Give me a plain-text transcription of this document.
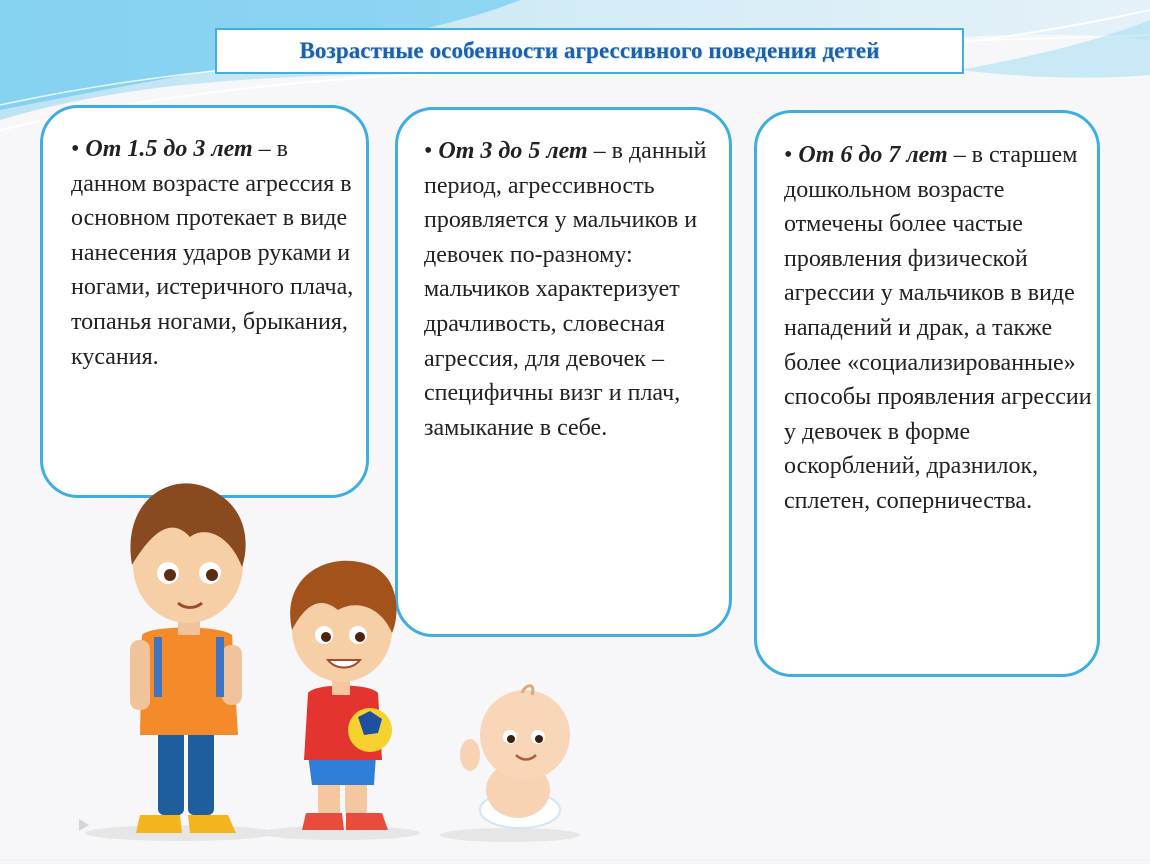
Возрастные особенности агрессивного поведения детей
• От 1.5 до 3 лет – в данном возрасте агрессия в основном протекает в виде нанесения ударов руками и ногами, истеричного плача, топанья ногами, брыкания, кусания.
• От 3 до 5 лет – в данный период, агрессивность проявляется у мальчиков и девочек по-разному: мальчиков характеризует драчливость, словесная агрессия, для девочек – специфичны визг и плач, замыкание в себе.
• От 6 до 7 лет – в старшем дошкольном возрасте отмечены более частые проявления физической агрессии у мальчиков в виде нападений и драк, а также более «социализированные» способы проявления агрессии у девочек в форме оскорблений, дразнилок, сплетен, соперничества.
